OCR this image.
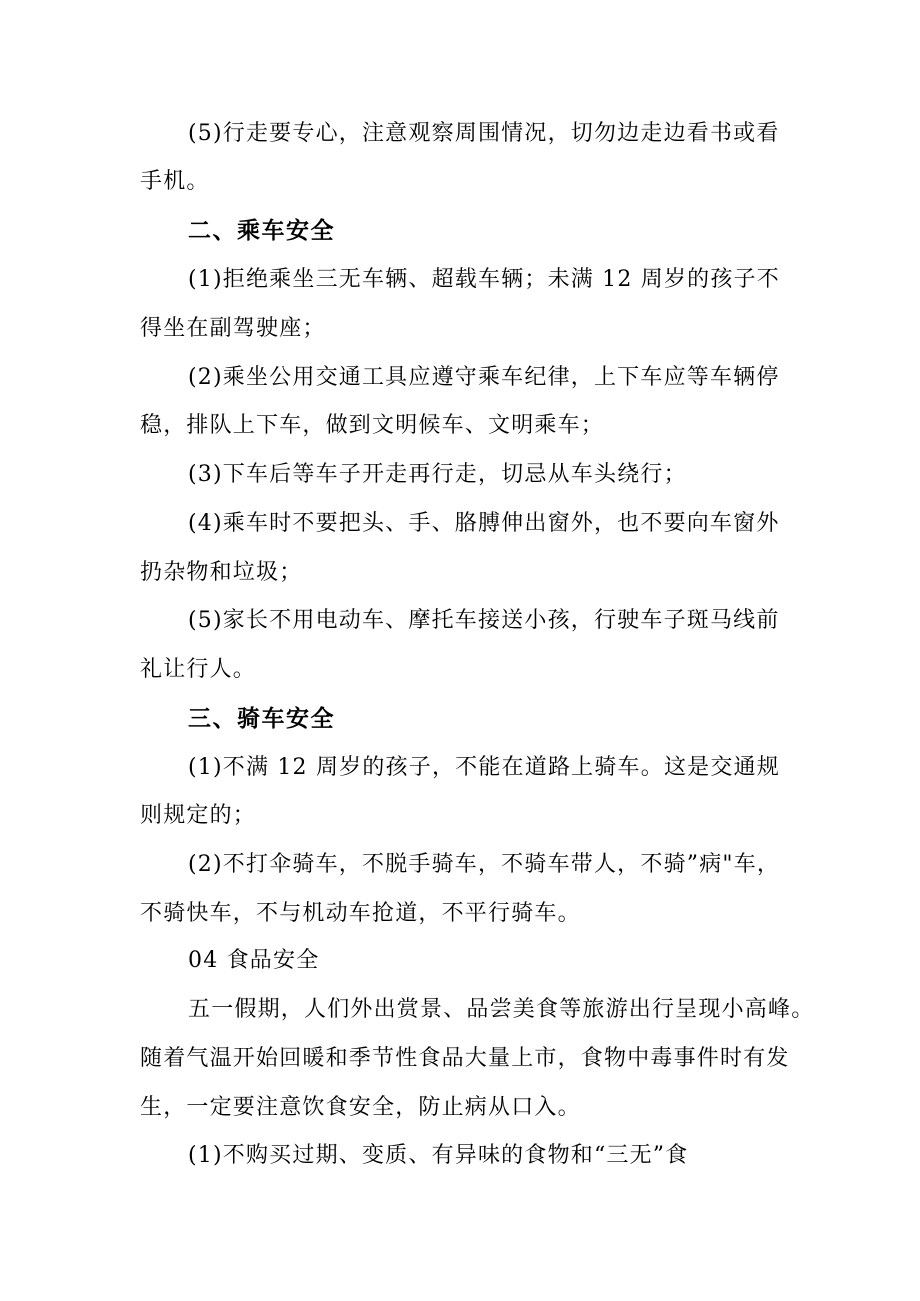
(5)行走要专心，注意观察周围情况，切勿边走边看书或看
手机。
二、乘车安全
(1)拒绝乘坐三无车辆、超载车辆；未满 12 周岁的孩子不
得坐在副驾驶座；
(2)乘坐公用交通工具应遵守乘车纪律，上下车应等车辆停
稳，排队上下车，做到文明候车、文明乘车；
(3)下车后等车子开走再行走，切忌从车头绕行；
(4)乘车时不要把头、手、胳膊伸出窗外，也不要向车窗外
扔杂物和垃圾；
(5)家长不用电动车、摩托车接送小孩，行驶车子斑马线前
礼让行人。
三、骑车安全
(1)不满 12 周岁的孩子，不能在道路上骑车。这是交通规
则规定的；
(2)不打伞骑车，不脱手骑车，不骑车带人，不骑”病"车，
不骑快车，不与机动车抢道，不平行骑车。
04 食品安全
五一假期，人们外出赏景、品尝美食等旅游出行呈现小高峰。
随着气温开始回暖和季节性食品大量上市，食物中毒事件时有发
生，一定要注意饮食安全，防止病从口入。
(1)不购买过期、变质、有异味的食物和“三无”食
